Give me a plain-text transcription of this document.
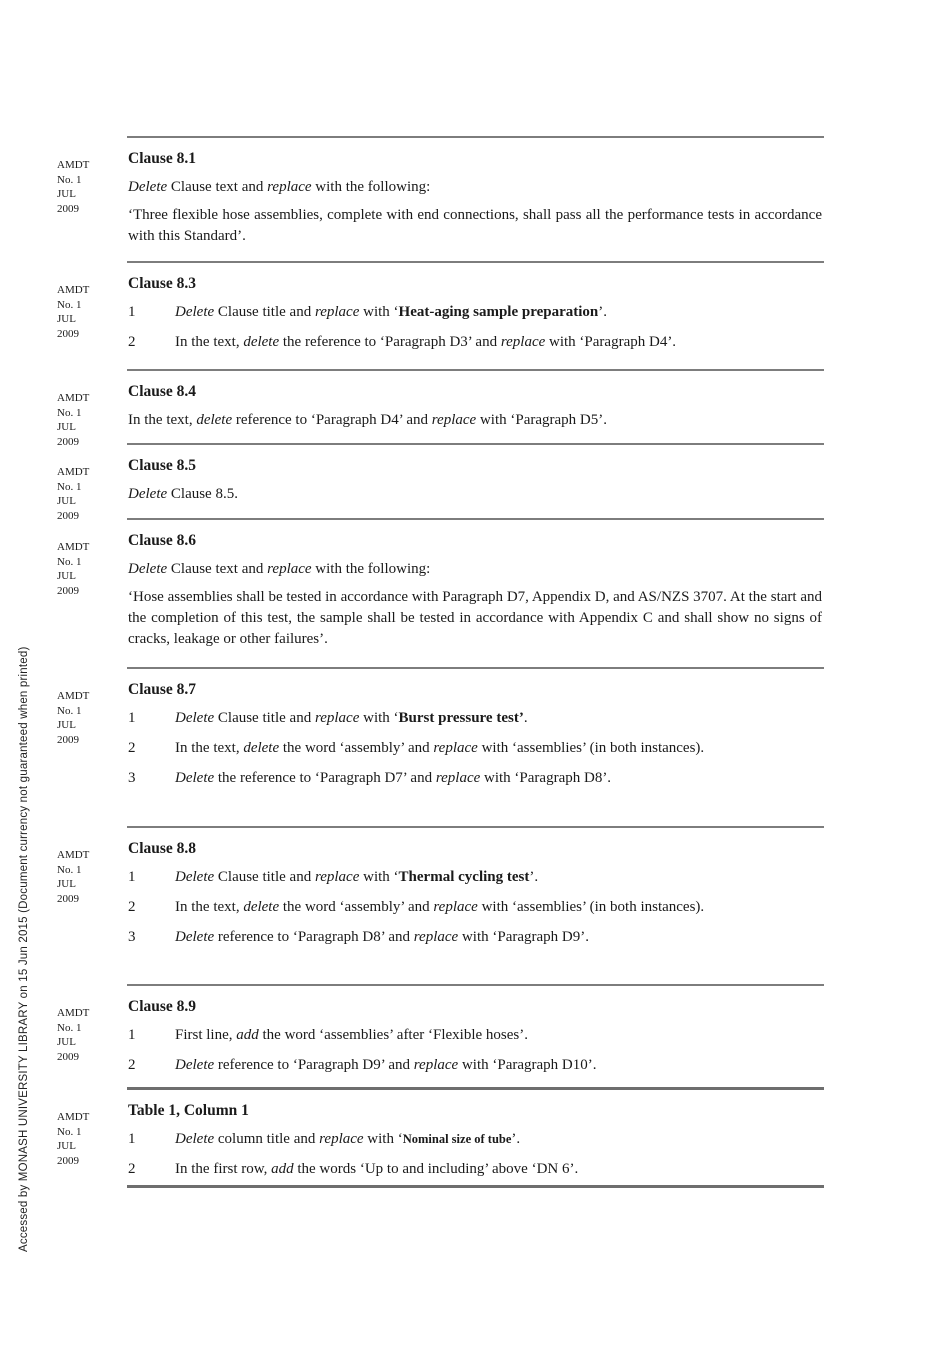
Accessed by MONASH UNIVERSITY LIBRARY on 15 Jun 2015 (Document currency not guaranteed when printed)
AMDT
No. 1
JUL
2009
Clause 8.1

Delete Clause text and replace with the following:

‘Three flexible hose assemblies, complete with end connections, shall pass all the performance tests in accordance with this Standard’.

AMDT
No. 1
JUL
2009
Clause 8.3
1	Delete Clause title and replace with ‘Heat-aging sample preparation’.
2	In the text, delete the reference to ‘Paragraph D3’ and replace with ‘Paragraph D4’.
AMDT
No. 1
JUL
2009
Clause 8.4

In the text, delete reference to ‘Paragraph D4’ and replace with ‘Paragraph D5’.

AMDT
No. 1
JUL
2009
Clause 8.5

Delete Clause 8.5.

AMDT
No. 1
JUL
2009
Clause 8.6

Delete Clause text and replace with the following:

‘Hose assemblies shall be tested in accordance with Paragraph D7, Appendix D, and AS/NZS 3707. At the start and the completion of this test, the sample shall be tested in accordance with Appendix C and shall show no signs of cracks, leakage or other failures’.

AMDT
No. 1
JUL
2009
Clause 8.7
1	Delete Clause title and replace with ‘Burst pressure test’.
2	In the text, delete the word ‘assembly’ and replace with ‘assemblies’ (in both instances).
3	Delete the reference to ‘Paragraph D7’ and replace with ‘Paragraph D8’.
AMDT
No. 1
JUL
2009
Clause 8.8
1	Delete Clause title and replace with ‘Thermal cycling test’.
2	In the text, delete the word ‘assembly’ and replace with ‘assemblies’ (in both instances).
3	Delete reference to ‘Paragraph D8’ and replace with ‘Paragraph D9’.
AMDT
No. 1
JUL
2009
Clause 8.9
1	First line, add the word ‘assemblies’ after ‘Flexible hoses’.
2	Delete reference to ‘Paragraph D9’ and replace with ‘Paragraph D10’.
AMDT
No. 1
JUL
2009
Table 1, Column 1
1	Delete column title and replace with ‘Nominal size of tube’.
2	In the first row, add the words ‘Up to and including’ above ‘DN 6’.
